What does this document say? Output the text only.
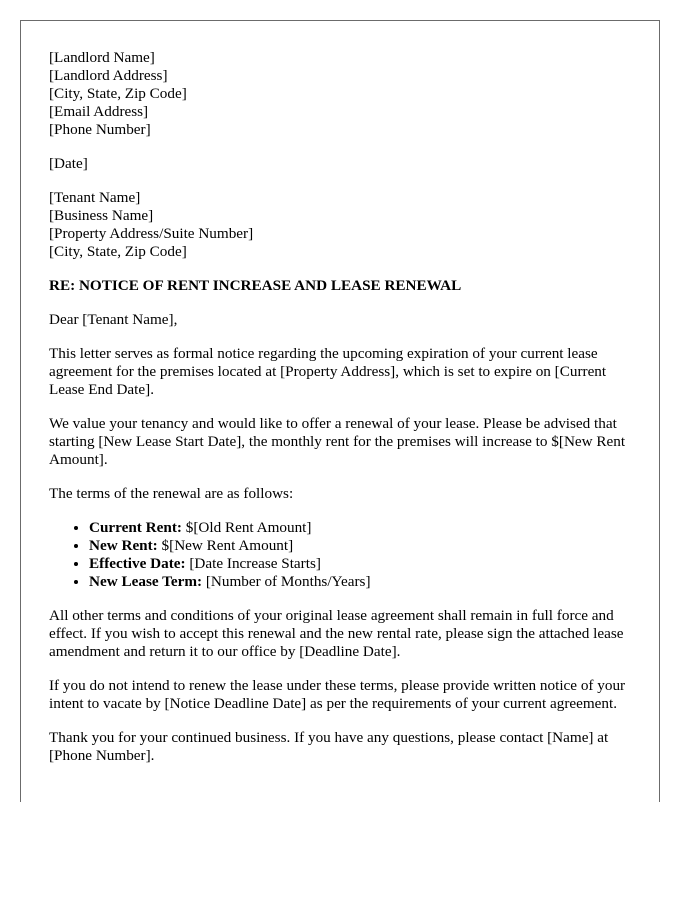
[Landlord Name]
[Landlord Address]
[City, State, Zip Code]
[Email Address]
[Phone Number]
[Date]
[Tenant Name]
[Business Name]
[Property Address/Suite Number]
[City, State, Zip Code]

RE: NOTICE OF RENT INCREASE AND LEASE RENEWAL

Dear [Tenant Name],

This letter serves as formal notice regarding the upcoming expiration of your current lease agreement for the premises located at [Property Address], which is set to expire on [Current Lease End Date].

We value your tenancy and would like to offer a renewal of your lease. Please be advised that starting [New Lease Start Date], the monthly rent for the premises will increase to $[New Rent Amount].

The terms of the renewal are as follows:

• Current Rent: $[Old Rent Amount]
• New Rent: $[New Rent Amount]
• Effective Date: [Date Increase Starts]
• New Lease Term: [Number of Months/Years]

All other terms and conditions of your original lease agreement shall remain in full force and effect. If you wish to accept this renewal and the new rental rate, please sign the attached lease amendment and return it to our office by [Deadline Date].

If you do not intend to renew the lease under these terms, please provide written notice of your intent to vacate by [Notice Deadline Date] as per the requirements of your current agreement.

Thank you for your continued business. If you have any questions, please contact [Name] at [Phone Number].
